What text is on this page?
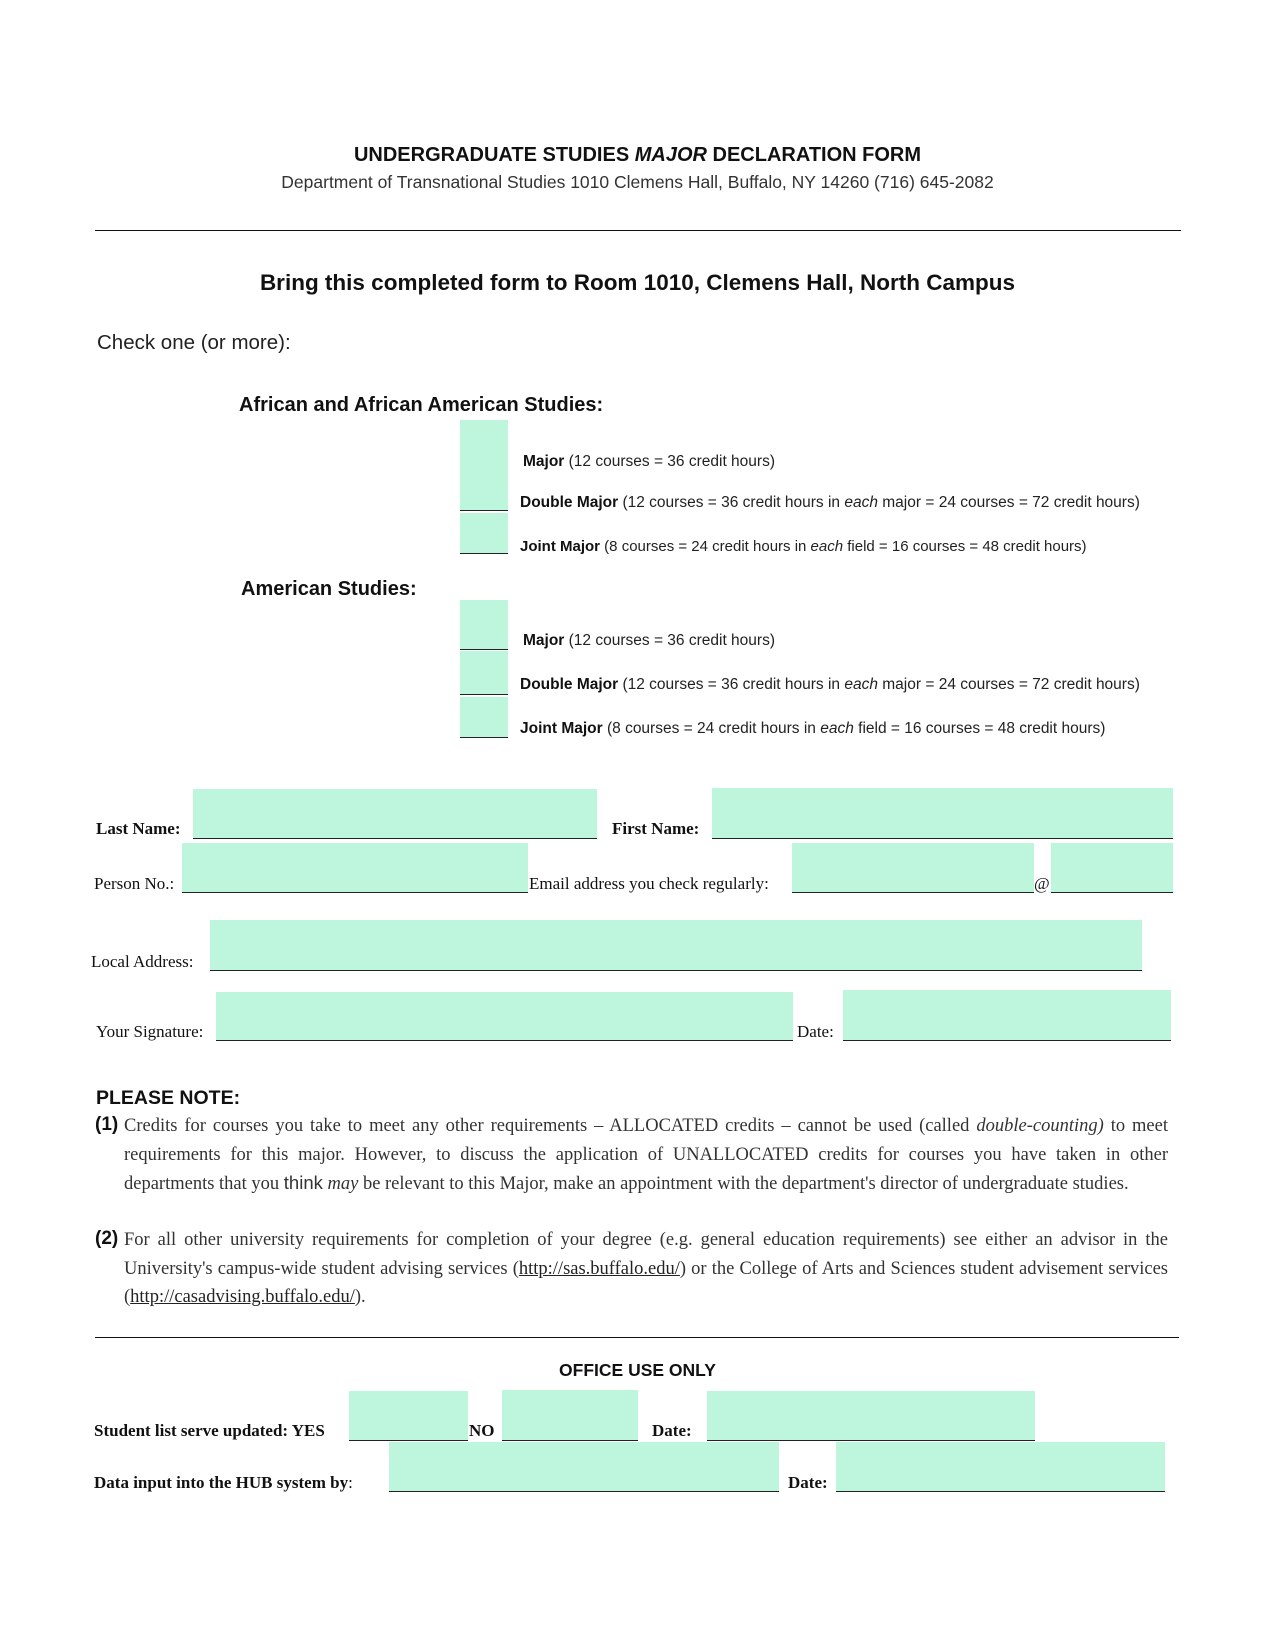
UNDERGRADUATE STUDIES MAJOR DECLARATION FORM
Department of Transnational Studies 1010 Clemens Hall, Buffalo, NY 14260 (716) 645-2082
Bring this completed form to Room 1010, Clemens Hall, North Campus
Check one (or more):
African and African American Studies:
Major (12 courses = 36 credit hours)
Double Major (12 courses = 36 credit hours in each major = 24 courses = 72 credit hours)
Joint Major (8 courses = 24 credit hours in each field = 16 courses = 48 credit hours)
American Studies:
Major (12 courses = 36 credit hours)
Double Major (12 courses = 36 credit hours in each major = 24 courses = 72 credit hours)
Joint Major (8 courses = 24 credit hours in each field = 16 courses = 48 credit hours)
Last Name:	First Name:
Person No.:	Email address you check regularly:	@
Local Address:
Your Signature:	Date:
PLEASE NOTE:
(1) Credits for courses you take to meet any other requirements – ALLOCATED credits – cannot be used (called double-counting) to meet requirements for this major. However, to discuss the application of UNALLOCATED credits for courses you have taken in other departments that you think may be relevant to this Major, make an appointment with the department's director of undergraduate studies.
(2) For all other university requirements for completion of your degree (e.g. general education requirements) see either an advisor in the University's campus-wide student advising services (http://sas.buffalo.edu/) or the College of Arts and Sciences student advisement services (http://casadvising.buffalo.edu/).
OFFICE USE ONLY
Student list serve updated: YES	NO	Date:
Data input into the HUB system by:	Date:
